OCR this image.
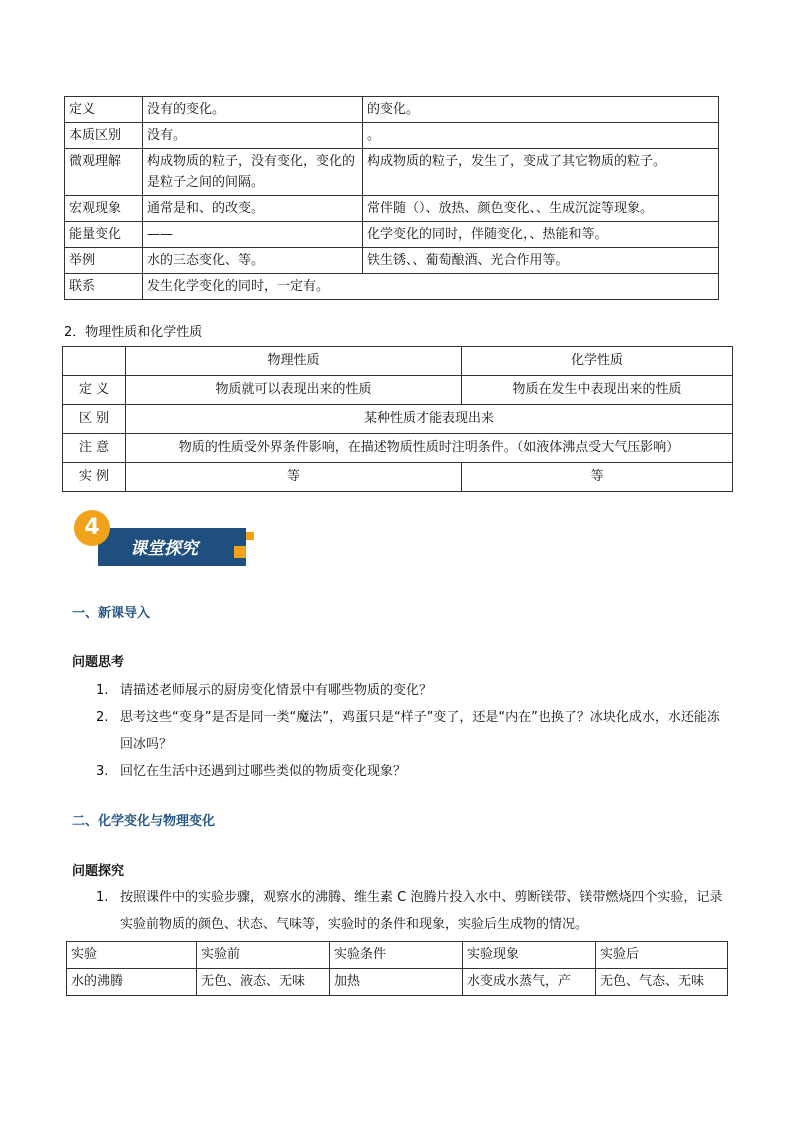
定义	没有的变化。	的变化。
本质区别	没有。	。
微观理解	构成物质的粒子，没有变化，变化的是粒子之间的间隔。	构成物质的粒子，发生了，变成了其它物质的粒子。
宏观现象	通常是和、的改变。	常伴随（）、放热、颜色变化、、生成沉淀等现象。
能量变化	——	化学变化的同时，伴随变化，、热能和等。
举例	水的三态变化、等。	铁生锈、、葡萄酿酒、光合作用等。
联系	发生化学变化的同时，一定有。	
2．物理性质和化学性质
	物理性质	化学性质
定 义	物质就可以表现出来的性质	物质在发生中表现出来的性质
区 别	某种性质才能表现出来	
注 意	物质的性质受外界条件影响，在描述物质性质时注明条件。（如液体沸点受大气压影响）	
实 例	等	等
4
课堂探究
一、新课导入
问题思考
1. 请描述老师展示的厨房变化情景中有哪些物质的变化？
2. 思考这些“变身”是否是同一类“魔法”，鸡蛋只是“样子”变了，还是“内在”也换了？冰块化成水，水还能冻回冰吗？
3. 回忆在生活中还遇到过哪些类似的物质变化现象？
二、化学变化与物理变化
问题探究
1. 按照课件中的实验步骤，观察水的沸腾、维生素 C 泡腾片投入水中、剪断镁带、镁带燃烧四个实验，记录实验前物质的颜色、状态、气味等，实验时的条件和现象，实验后生成物的情况。
实验	实验前	实验条件	实验现象	实验后
水的沸腾	无色、液态、无味	加热	水变成水蒸气，产	无色、气态、无味
